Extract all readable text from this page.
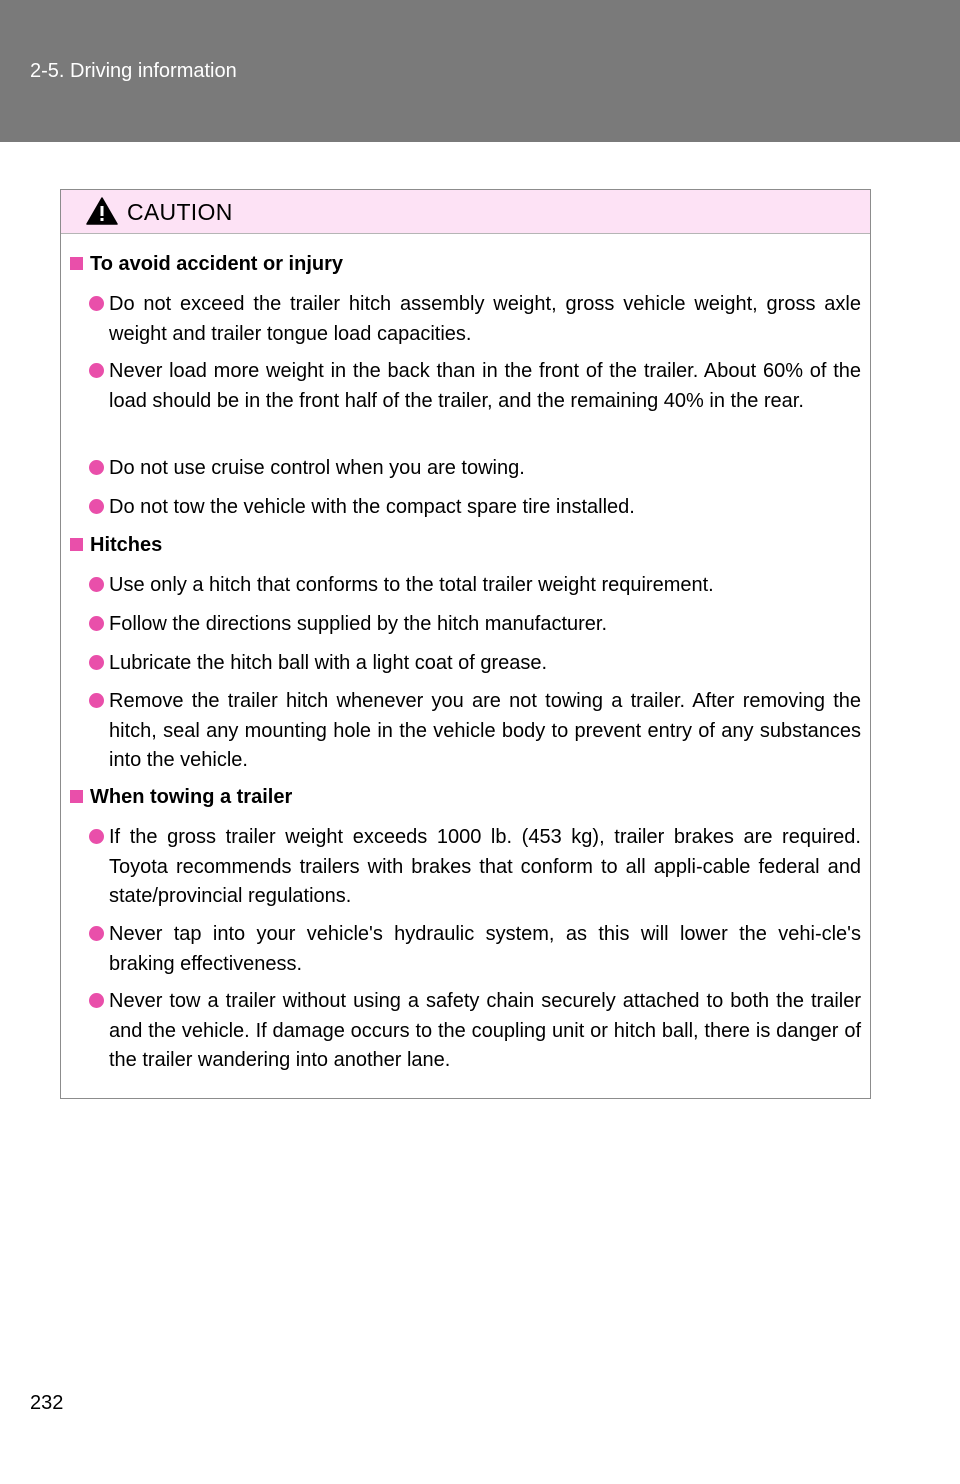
2-5. Driving information
CAUTION
To avoid accident or injury
Do not exceed the trailer hitch assembly weight, gross vehicle weight, gross axle weight and trailer tongue load capacities.
Never load more weight in the back than in the front of the trailer. About 60% of the load should be in the front half of the trailer, and the remaining 40% in the rear.
Do not use cruise control when you are towing.
Do not tow the vehicle with the compact spare tire installed.
Hitches
Use only a hitch that conforms to the total trailer weight requirement.
Follow the directions supplied by the hitch manufacturer.
Lubricate the hitch ball with a light coat of grease.
Remove the trailer hitch whenever you are not towing a trailer. After removing the hitch, seal any mounting hole in the vehicle body to prevent entry of any substances into the vehicle.
When towing a trailer
If the gross trailer weight exceeds 1000 lb. (453 kg), trailer brakes are required. Toyota recommends trailers with brakes that conform to all appli-cable federal and state/provincial regulations.
Never tap into your vehicle's hydraulic system, as this will lower the vehi-cle's braking effectiveness.
Never tow a trailer without using a safety chain securely attached to both the trailer and the vehicle. If damage occurs to the coupling unit or hitch ball, there is danger of the trailer wandering into another lane.
232
